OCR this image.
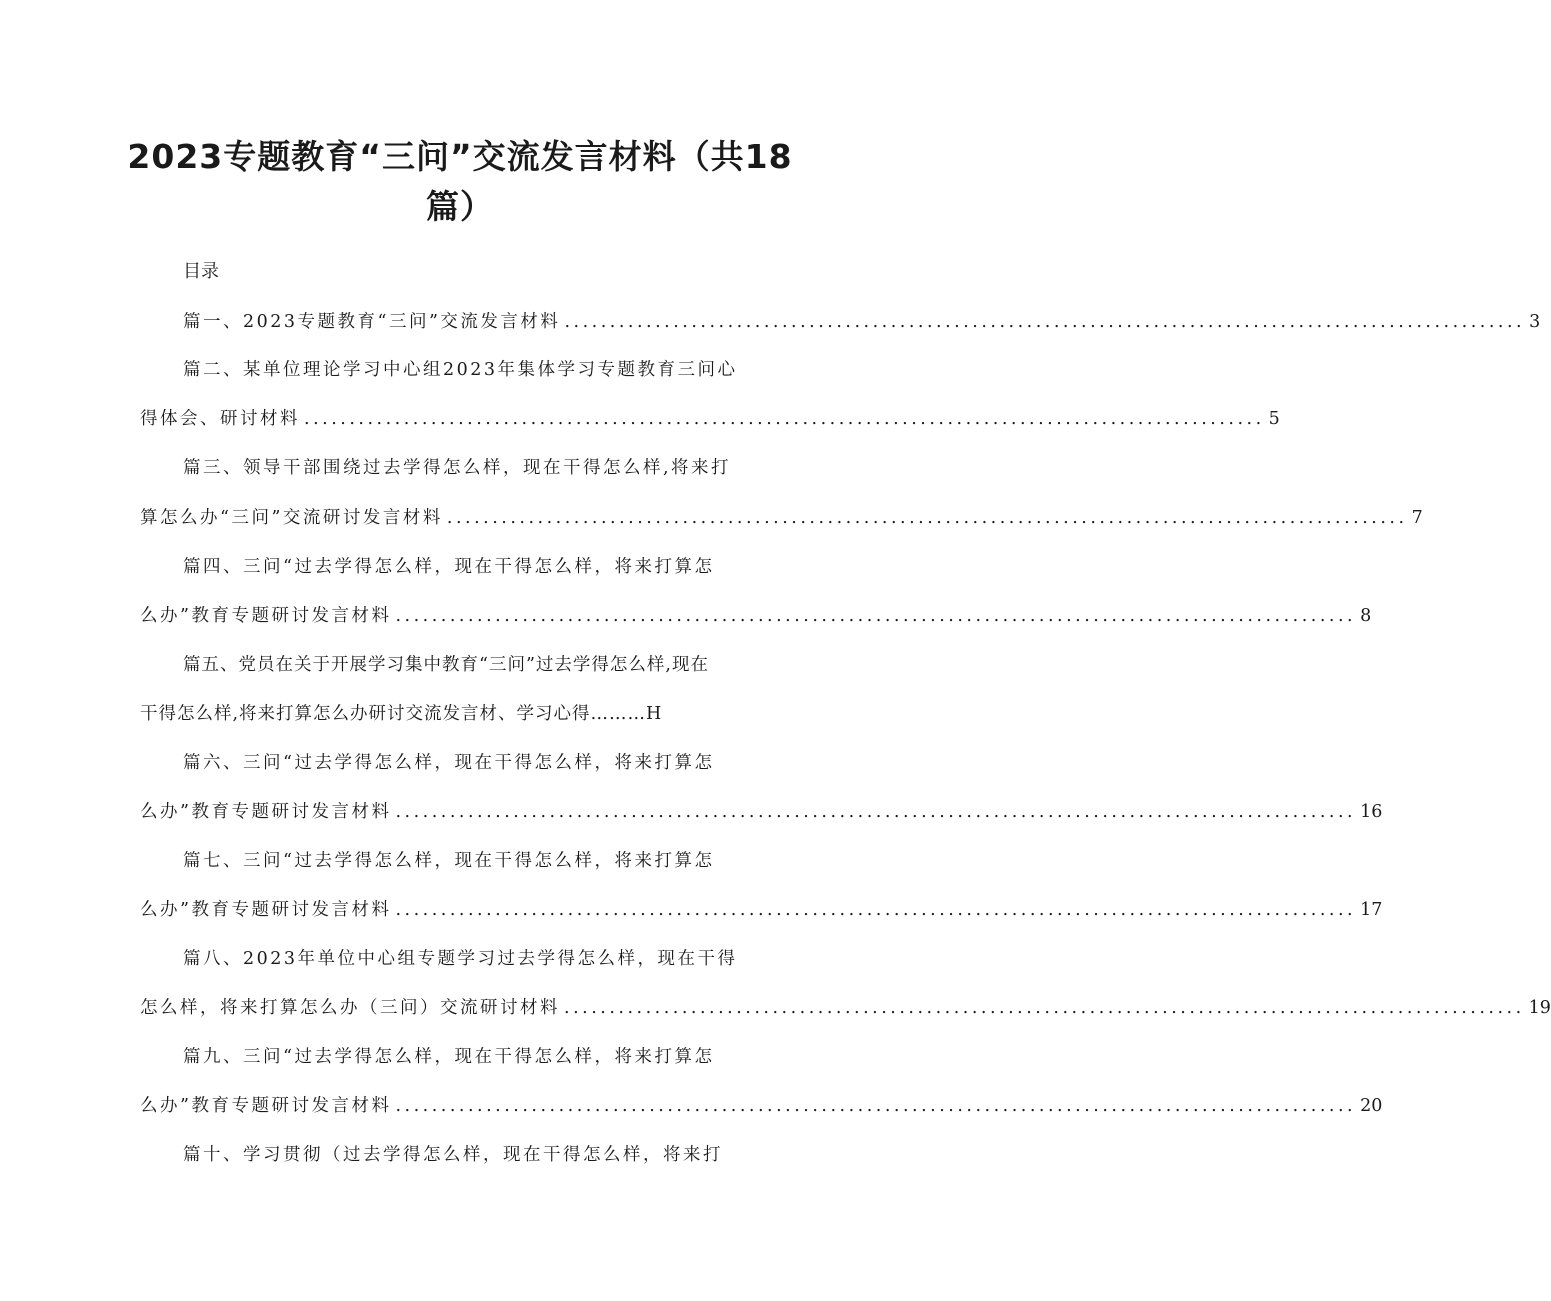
2023专题教育“三问”交流发言材料（共18
篇）
目录
篇一、2023专题教育“三问”交流发言材料 .......................................................................................................... 3
篇二、某单位理论学习中心组2023年集体学习专题教育三问心
得体会、研讨材料 .......................................................................................................... 5
篇三、领导干部围绕过去学得怎么样，现在干得怎么样,将来打
算怎么办“三问”交流研讨发言材料 .......................................................................................................... 7
篇四、三问“过去学得怎么样，现在干得怎么样，将来打算怎
么办”教育专题研讨发言材料 .......................................................................................................... 8
篇五、党员在关于开展学习集中教育“三问”过去学得怎么样,现在
干得怎么样,将来打算怎么办研讨交流发言材、学习心得………H
篇六、三问“过去学得怎么样，现在干得怎么样，将来打算怎
么办”教育专题研讨发言材料 .......................................................................................................... 16
篇七、三问“过去学得怎么样，现在干得怎么样，将来打算怎
么办”教育专题研讨发言材料 .......................................................................................................... 17
篇八、2023年单位中心组专题学习过去学得怎么样，现在干得
怎么样，将来打算怎么办（三问）交流研讨材料 .......................................................................................................... 19
篇九、三问“过去学得怎么样，现在干得怎么样，将来打算怎
么办”教育专题研讨发言材料 .......................................................................................................... 20
篇十、学习贯彻（过去学得怎么样，现在干得怎么样，将来打
